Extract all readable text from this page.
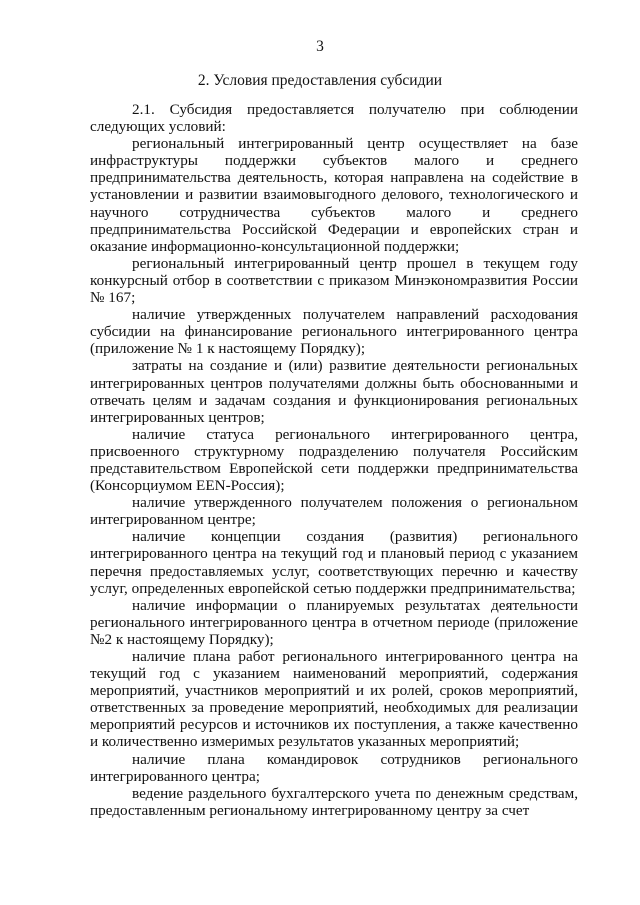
3
2. Условия предоставления субсидии

2.1. Субсидия предоставляется получателю при соблюдении следующих условий:

региональный интегрированный центр осуществляет на базе инфраструктуры поддержки субъектов малого и среднего предпринимательства деятельность, которая направлена на содействие в установлении и развитии взаимовыгодного делового, технологического и научного сотрудничества субъектов малого и среднего предпринимательства Российской Федерации и европейских стран и оказание информационно-консультационной поддержки;

региональный интегрированный центр прошел в текущем году конкурсный отбор в соответствии с приказом Минэкономразвития России № 167;

наличие утвержденных получателем направлений расходования субсидии на финансирование регионального интегрированного центра (приложение № 1 к настоящему Порядку);

затраты на создание и (или) развитие деятельности региональных интегрированных центров получателями должны быть обоснованными и отвечать целям и задачам создания и функционирования региональных интегрированных центров;

наличие статуса регионального интегрированного центра, присвоенного структурному подразделению получателя Российским представительством Европейской сети поддержки предпринимательства (Консорциумом EEN-Россия);

наличие утвержденного получателем положения о региональном интегрированном центре;

наличие концепции создания (развития) регионального интегрированного центра на текущий год и плановый период с указанием перечня предоставляемых услуг, соответствующих перечню и качеству услуг, определенных европейской сетью поддержки предпринимательства;

наличие информации о планируемых результатах деятельности регионального интегрированного центра в отчетном периоде (приложение №2 к настоящему Порядку);

наличие плана работ регионального интегрированного центра на текущий год с указанием наименований мероприятий, содержания мероприятий, участников мероприятий и их ролей, сроков мероприятий, ответственных за проведение мероприятий, необходимых для реализации мероприятий ресурсов и источников их поступления, а также качественно и количественно измеримых результатов указанных мероприятий;

наличие плана командировок сотрудников регионального интегрированного центра;

ведение раздельного бухгалтерского учета по денежным средствам, предоставленным региональному интегрированному центру за счет
